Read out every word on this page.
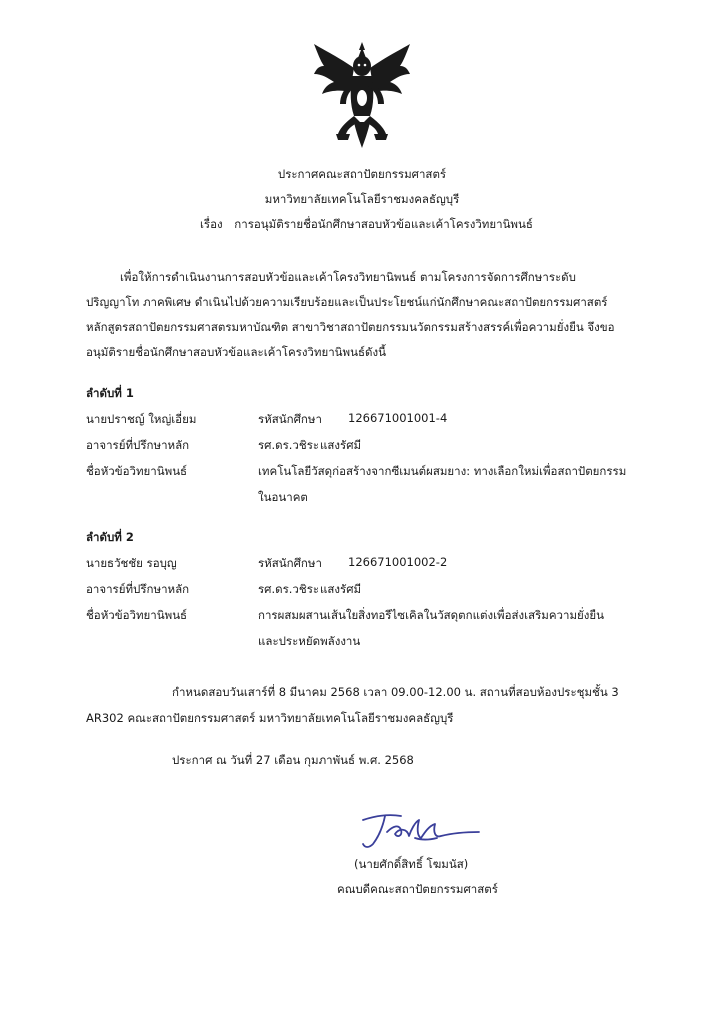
ประกาศคณะสถาปัตยกรรมศาสตร์
มหาวิทยาลัยเทคโนโลยีราชมงคลธัญบุรี
เรื่อง การอนุมัติรายชื่อนักศึกษาสอบหัวข้อและเค้าโครงวิทยานิพนธ์
เพื่อให้การดำเนินงานการสอบหัวข้อและเค้าโครงวิทยานิพนธ์ ตามโครงการจัดการศึกษาระดับ
ปริญญาโท ภาคพิเศษ ดำเนินไปด้วยความเรียบร้อยและเป็นประโยชน์แก่นักศึกษาคณะสถาปัตยกรรมศาสตร์
หลักสูตรสถาปัตยกรรมศาสตรมหาบัณฑิต สาขาวิชาสถาปัตยกรรมนวัตกรรมสร้างสรรค์เพื่อความยั่งยืน จึงขอ
อนุมัติรายชื่อนักศึกษาสอบหัวข้อและเค้าโครงวิทยานิพนธ์ดังนี้
ลำดับที่ 1
นายปราชญ์ ใหญ่เอี่ยม	รหัสนักศึกษา 126671001001-4
อาจารย์ที่ปรึกษาหลัก	รศ.ดร.วชิระ แสงรัศมี
ชื่อหัวข้อวิทยานิพนธ์	เทคโนโลยีวัสดุก่อสร้างจากซีเมนต์ผสมยาง: ทางเลือกใหม่เพื่อสถาปัตยกรรม
ในอนาคต
ลำดับที่ 2
นายธวัชชัย รอบุญ	รหัสนักศึกษา 126671001002-2
อาจารย์ที่ปรึกษาหลัก	รศ.ดร.วชิระ แสงรัศมี
ชื่อหัวข้อวิทยานิพนธ์	การผสมผสานเส้นใยสิ่งทอรีไซเคิลในวัสดุตกแต่งเพื่อส่งเสริมความยั่งยืน
และประหยัดพลังงาน
กำหนดสอบวันเสาร์ที่ 8 มีนาคม 2568 เวลา 09.00-12.00 น. สถานที่สอบห้องประชุมชั้น 3
AR302 คณะสถาปัตยกรรมศาสตร์ มหาวิทยาลัยเทคโนโลยีราชมงคลธัญบุรี
ประกาศ ณ วันที่ 27 เดือน กุมภาพันธ์ พ.ศ. 2568
(นายศักดิ์สิทธิ์ โฆมนัส)
คณบดีคณะสถาปัตยกรรมศาสตร์
